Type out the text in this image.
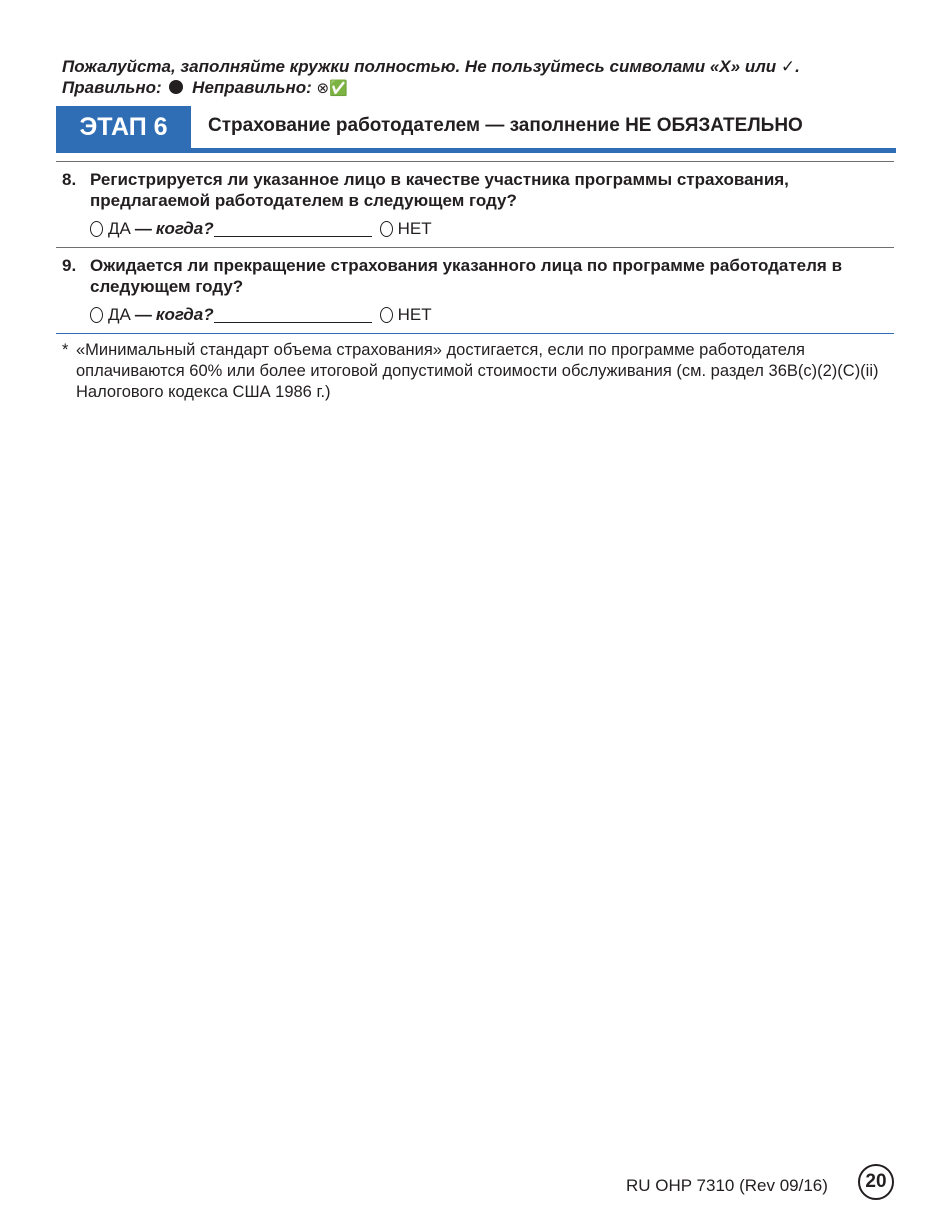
Пожалуйста, заполняйте кружки полностью. Не пользуйтесь символами «X» или ✓.
Правильно: Неправильно: ⊗✅
ЭТАП 6	Страхование работодателем — заполнение НЕ ОБЯЗАТЕЛЬНО
8. Регистрируется ли указанное лицо в качестве участника программы страхования, предлагаемой работодателем в следующем году?
ДА — когда?	НЕТ
9. Ожидается ли прекращение страхования указанного лица по программе работодателя в следующем году?
ДА — когда?	НЕТ
* «Минимальный стандарт объема страхования» достигается, если по программе работодателя оплачиваются 60% или более итоговой допустимой стоимости обслуживания (см. раздел 36B(c)(2)(C)(ii) Налогового кодекса США 1986 г.)
RU OHP 7310 (Rev 09/16)	20
